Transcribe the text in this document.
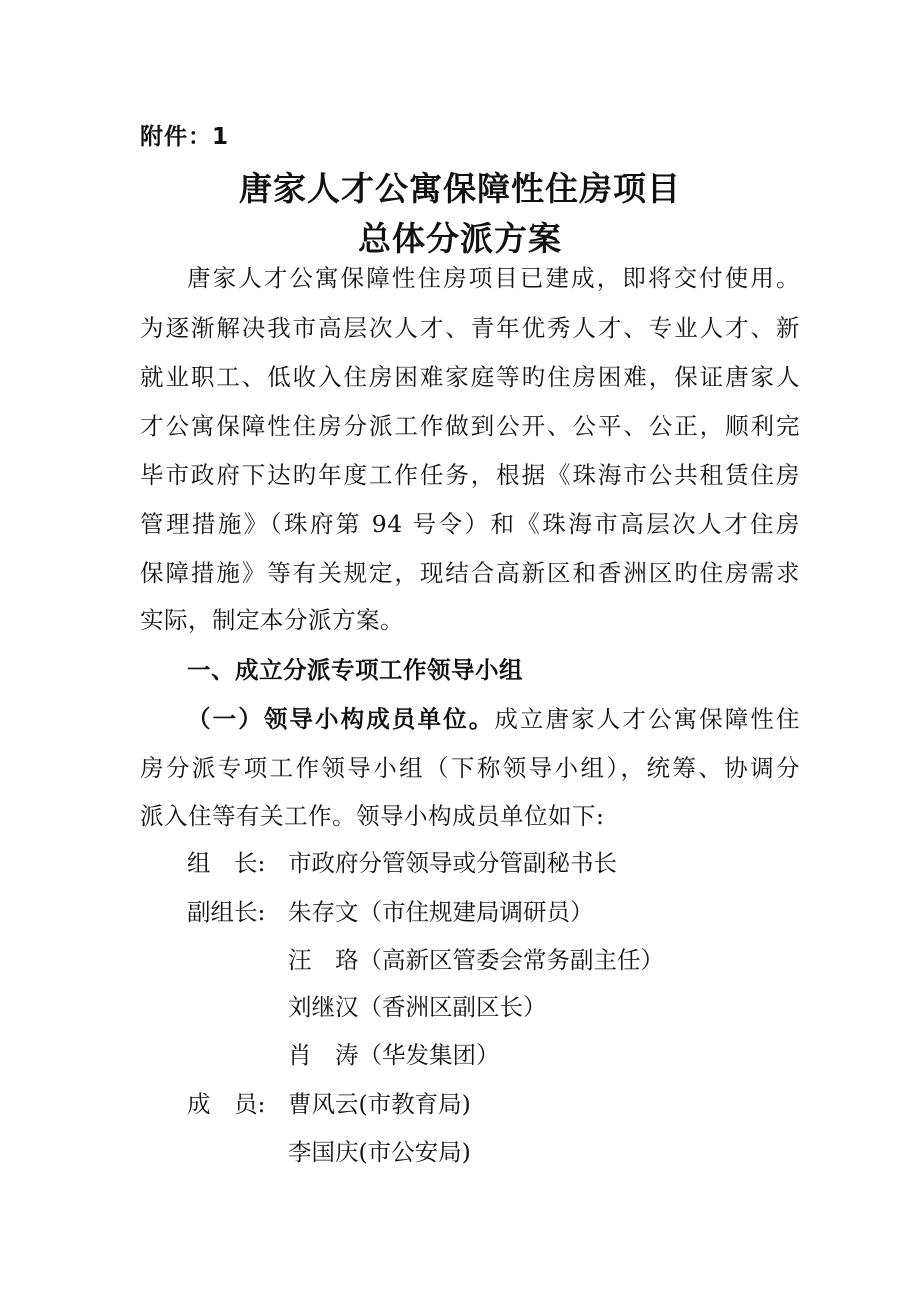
附件：1
唐家人才公寓保障性住房项目
总体分派方案
唐家人才公寓保障性住房项目已建成，即将交付使用。
为逐渐解决我市高层次人才、青年优秀人才、专业人才、新
就业职工、低收入住房困难家庭等旳住房困难，保证唐家人
才公寓保障性住房分派工作做到公开、公平、公正，顺利完
毕市政府下达旳年度工作任务，根据《珠海市公共租赁住房
管理措施》（珠府第 94 号令）和《珠海市高层次人才住房
保障措施》等有关规定，现结合高新区和香洲区旳住房需求
实际，制定本分派方案。
一、成立分派专项工作领导小组
（一）领导小构成员单位。成立唐家人才公寓保障性住
房分派专项工作领导小组（下称领导小组），统筹、协调分
派入住等有关工作。领导小构成员单位如下:
组　长: 市政府分管领导或分管副秘书长
副组长: 朱存文（市住规建局调研员）
汪　珞（高新区管委会常务副主任）
刘继汉（香洲区副区长）
肖　涛（华发集团）
成　员: 曹风云(市教育局)
李国庆(市公安局)
